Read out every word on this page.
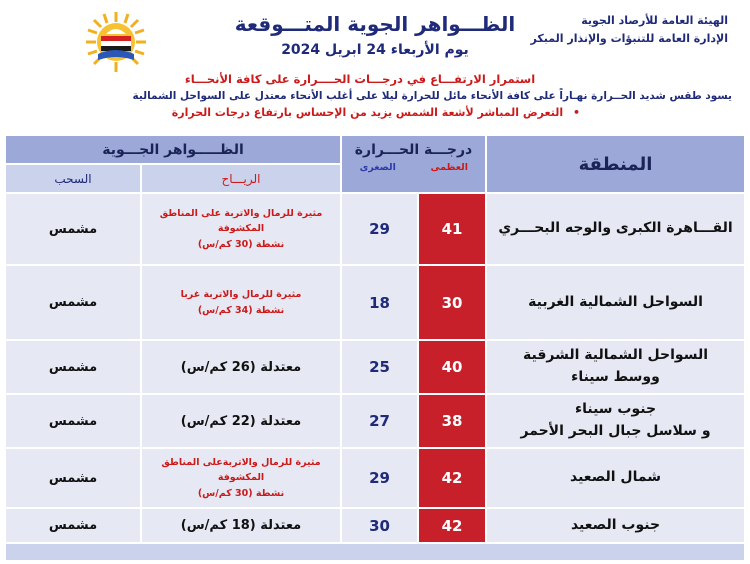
الظـــواهر الجوية المتـــوقعة
يوم الأربعاء 24 ابريل 2024
الهيئة العامة للأرصاد الجوية
الإدارة العامة للتنبؤات والإنذار المبكر
استمرار الارتفـــاع في درجـــات الحــــرارة على كافة الأنحـــاء
يسود طقس شديد الحــرارة نهـاراً على كافة الأنحاء مائل للحرارة ليلا على أغلب الأنحاء معتدل على السواحل الشمالية
• التعرض المباشر لأشعة الشمس يزيد من الإحساس بارتفاع درجات الحرارة
المنطقة
درجـــة الحـــرارة
الصغرى	العظمى
الظـــــواهر الجـــوية
السحب	الريـــاح
القـــاهرة الكبرى والوجه البحـــري
41
29
مثيرة للرمال والاتربة على المناطق المكشوفة
نشطة (30 كم/س)
مشمس
السواحل الشمالية الغربية
30
18
مثيرة للرمال والاتربة غربا
نشطة (34 كم/س)
مشمس
السواحل الشمالية الشرقية
ووسط سيناء
40
25
معتدلة (26 كم/س)
مشمس
جنوب سيناء
و سلاسل جبال البحر الأحمر
38
27
معتدلة (22 كم/س)
مشمس
شمال الصعيد
42
29
مثيرة للرمال والاتربةعلى المناطق المكشوفة
نشطة (30 كم/س)
مشمس
جنوب الصعيد
42
30
معتدلة (18 كم/س)
مشمس
